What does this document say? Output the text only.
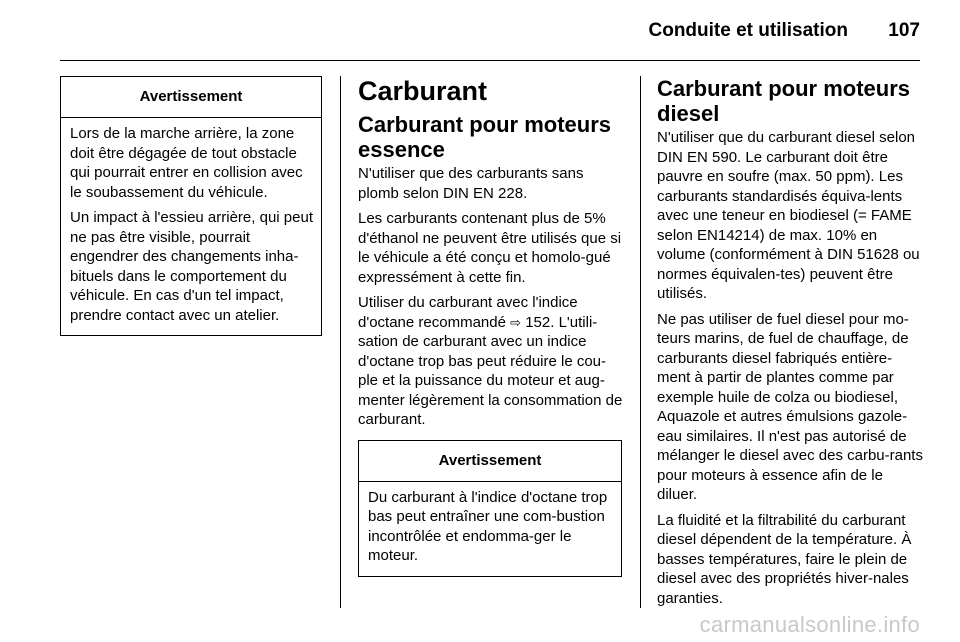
Conduite et utilisation 107
Avertissement

Lors de la marche arrière, la zone doit être dégagée de tout obstacle qui pourrait entrer en collision avec le soubassement du véhicule.

Un impact à l'essieu arrière, qui peut ne pas être visible, pourrait engendrer des changements inha-bituels dans le comportement du véhicule. En cas d'un tel impact, prendre contact avec un atelier.

Carburant
Carburant pour moteurs essence

N'utiliser que des carburants sans plomb selon DIN EN 228.

Les carburants contenant plus de 5% d'éthanol ne peuvent être utilisés que si le véhicule a été conçu et homolo-gué expressément à cette fin.

Utiliser du carburant avec l'indice d'octane recommandé ⇨ 152. L'utili-sation de carburant avec un indice d'octane trop bas peut réduire le cou-ple et la puissance du moteur et aug-menter légèrement la consommation de carburant.

Avertissement

Du carburant à l'indice d'octane trop bas peut entraîner une com-bustion incontrôlée et endomma-ger le moteur.

Carburant pour moteurs diesel

N'utiliser que du carburant diesel selon DIN EN 590. Le carburant doit être pauvre en soufre (max. 50 ppm). Les carburants standardisés équiva-lents avec une teneur en biodiesel (= FAME selon EN14214) de max. 10% en volume (conformément à DIN 51628 ou normes équivalen-tes) peuvent être utilisés.

Ne pas utiliser de fuel diesel pour mo-teurs marins, de fuel de chauffage, de carburants diesel fabriqués entière-ment à partir de plantes comme par exemple huile de colza ou biodiesel, Aquazole et autres émulsions gazole-eau similaires. Il n'est pas autorisé de mélanger le diesel avec des carbu-rants pour moteurs à essence afin de le diluer.

La fluidité et la filtrabilité du carburant diesel dépendent de la température. À basses températures, faire le plein de diesel avec des propriétés hiver-nales garanties.

carmanualsonline.info
